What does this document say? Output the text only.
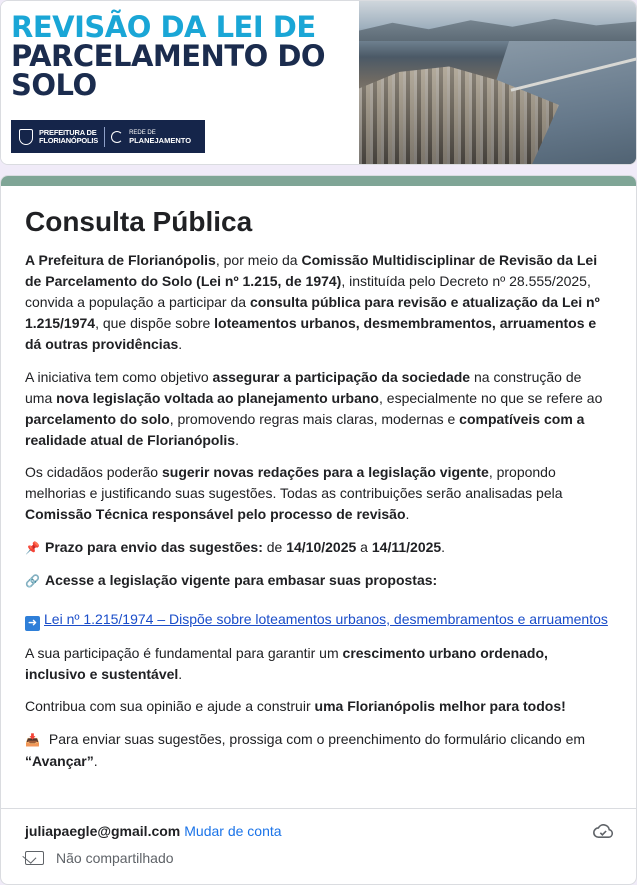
REVISÃO DA LEI DE
PARCELAMENTO DO
SOLO
PREFEITURA DE
FLORIANÓPOLIS
REDE DE
PLANEJAMENTO
Consulta Pública

A Prefeitura de Florianópolis, por meio da Comissão Multidisciplinar de Revisão da Lei de Parcelamento do Solo (Lei nº 1.215, de 1974), instituída pelo Decreto nº 28.555/2025, convida a população a participar da consulta pública para revisão e atualização da Lei nº 1.215/1974, que dispõe sobre loteamentos urbanos, desmembramentos, arruamentos e dá outras providências.

A iniciativa tem como objetivo assegurar a participação da sociedade na construção de uma nova legislação voltada ao planejamento urbano, especialmente no que se refere ao parcelamento do solo, promovendo regras mais claras, modernas e compatíveis com a realidade atual de Florianópolis.

Os cidadãos poderão sugerir novas redações para a legislação vigente, propondo melhorias e justificando suas sugestões. Todas as contribuições serão analisadas pela Comissão Técnica responsável pelo processo de revisão.

📌 Prazo para envio das sugestões: de 14/10/2025 a 14/11/2025.

🔗 Acesse a legislação vigente para embasar suas propostas:

➜ Lei nº 1.215/1974 – Dispõe sobre loteamentos urbanos, desmembramentos e arruamentos

A sua participação é fundamental para garantir um crescimento urbano ordenado, inclusivo e sustentável.

Contribua com sua opinião e ajude a construir uma Florianópolis melhor para todos!

📥 Para enviar suas sugestões, prossiga com o preenchimento do formulário clicando em “Avançar”.

juliapaegle@gmail.com Mudar de conta
Não compartilhado
